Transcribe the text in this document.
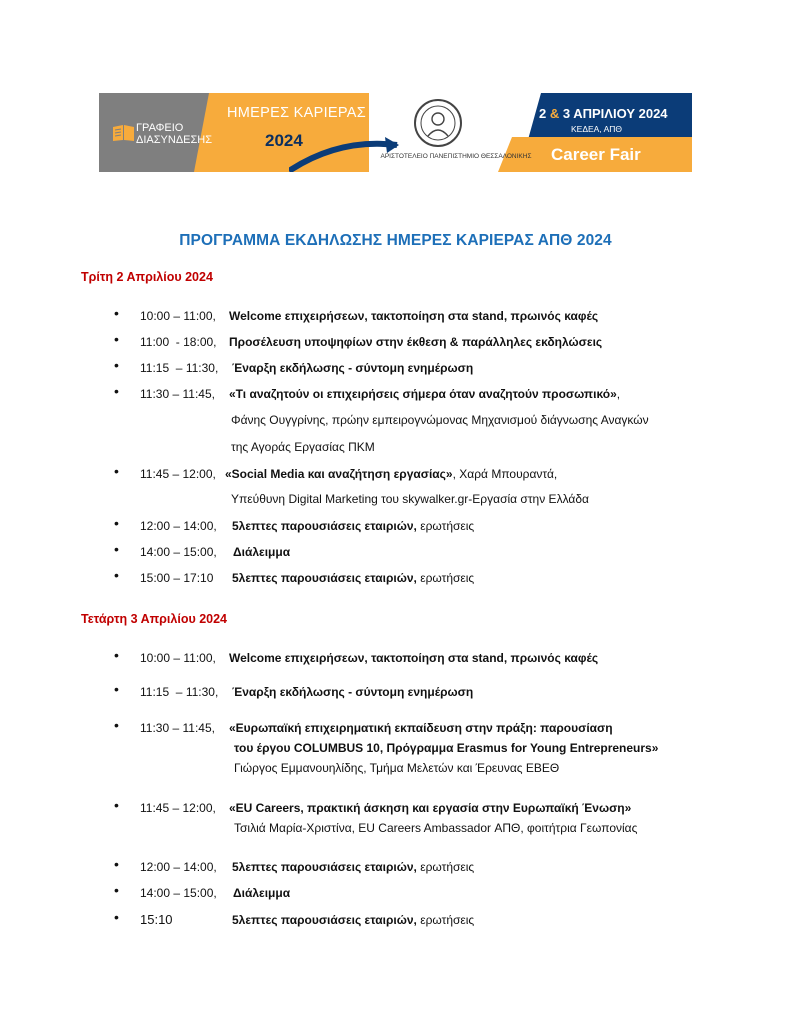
ΓΡΑΦΕΙΟ
ΔΙΑΣΥΝΔΕΣΗΣ
ΗΜΕΡΕΣ ΚΑΡΙΕΡΑΣ
2024
ΑΡΙΣΤΟΤΕΛΕΙΟ ΠΑΝΕΠΙΣΤΗΜΙΟ ΘΕΣΣΑΛΟΝΙΚΗΣ
2 & 3 ΑΠΡΙΛΙΟΥ 2024
ΚΕΔΕΑ, ΑΠΘ
Career Fair
ΠΡΟΓΡΑΜΜΑ ΕΚΔΗΛΩΣΗΣ ΗΜΕΡΕΣ ΚΑΡΙΕΡΑΣ ΑΠΘ 2024
Τρίτη 2 Απριλίου 2024
• 10:00 – 11:00, Welcome επιχειρήσεων, τακτοποίηση στα stand, πρωινός καφές
• 11:00  - 18:00, Προσέλευση υποψηφίων στην έκθεση & παράλληλες εκδηλώσεις
• 11:15  – 11:30, Έναρξη εκδήλωσης - σύντομη ενημέρωση
• 11:30 – 11:45, «Τι αναζητούν οι επιχειρήσεις σήμερα όταν αναζητούν προσωπικό»,
Φάνης Ουγγρίνης, πρώην εμπειρογνώμονας Μηχανισμού διάγνωσης Αναγκών
της Αγοράς Εργασίας ΠΚΜ
• 11:45 – 12:00, «Social Media και αναζήτηση εργασίας», Χαρά Μπουραντά,
Υπεύθυνη Digital Marketing του skywalker.gr-Εργασία στην Ελλάδα
• 12:00 – 14:00, 5λεπτες παρουσιάσεις εταιριών, ερωτήσεις
• 14:00 – 15:00, Διάλειμμα
• 15:00 – 17:10 5λεπτες παρουσιάσεις εταιριών, ερωτήσεις
Τετάρτη 3 Απριλίου 2024
• 10:00 – 11:00, Welcome επιχειρήσεων, τακτοποίηση στα stand, πρωινός καφές
• 11:15  – 11:30, Έναρξη εκδήλωσης - σύντομη ενημέρωση
• 11:30 – 11:45, «Ευρωπαϊκή επιχειρηματική εκπαίδευση στην πράξη: παρουσίαση
του έργου COLUMBUS 10, Πρόγραμμα Erasmus for Young Entrepreneurs»
Γιώργος Εμμανουηλίδης, Τμήμα Μελετών και Έρευνας ΕΒΕΘ
• 11:45 – 12:00, «EU Careers, πρακτική άσκηση και εργασία στην Ευρωπαϊκή Ένωση»
Τσιλιά Μαρία-Χριστίνα, EU Careers Ambassador ΑΠΘ, φοιτήτρια Γεωπονίας
• 12:00 – 14:00, 5λεπτες παρουσιάσεις εταιριών, ερωτήσεις
• 14:00 – 15:00, Διάλειμμα
• 15:10	5λεπτες παρουσιάσεις εταιριών, ερωτήσεις
